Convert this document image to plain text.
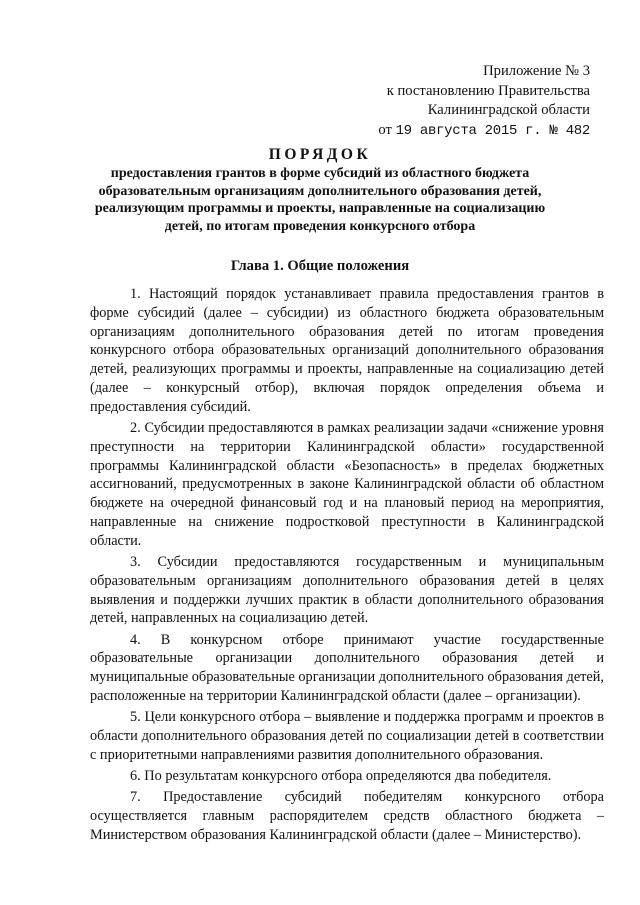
Приложение № 3
к постановлению Правительства
Калининградской области
от 19 августа 2015 г. № 482
ПОРЯДОК
предоставления грантов в форме субсидий из областного бюджета образовательным организациям дополнительного образования детей, реализующим программы и проекты, направленные на социализацию детей, по итогам проведения конкурсного отбора
Глава 1. Общие положения

1. Настоящий порядок устанавливает правила предоставления грантов в форме субсидий (далее – субсидии) из областного бюджета образовательным организациям дополнительного образования детей по итогам проведения конкурсного отбора образовательных организаций дополнительного образования детей, реализующих программы и проекты, направленные на социализацию детей (далее – конкурсный отбор), включая порядок определения объема и предоставления субсидий.

2. Субсидии предоставляются в рамках реализации задачи «снижение уровня преступности на территории Калининградской области» государственной программы Калининградской области «Безопасность» в пределах бюджетных ассигнований, предусмотренных в законе Калининградской области об областном бюджете на очередной финансовый год и на плановый период на мероприятия, направленные на снижение подростковой преступности в Калининградской области.

3. Субсидии предоставляются государственным и муниципальным образовательным организациям дополнительного образования детей в целях выявления и поддержки лучших практик в области дополнительного образования детей, направленных на социализацию детей.

4. В конкурсном отборе принимают участие государственные образовательные организации дополнительного образования детей и муниципальные образовательные организации дополнительного образования детей, расположенные на территории Калининградской области (далее – организации).

5. Цели конкурсного отбора – выявление и поддержка программ и проектов в области дополнительного образования детей по социализации детей в соответствии с приоритетными направлениями развития дополнительного образования.

6. По результатам конкурсного отбора определяются два победителя.

7. Предоставление субсидий победителям конкурсного отбора осуществляется главным распорядителем средств областного бюджета – Министерством образования Калининградской области (далее – Министерство).
